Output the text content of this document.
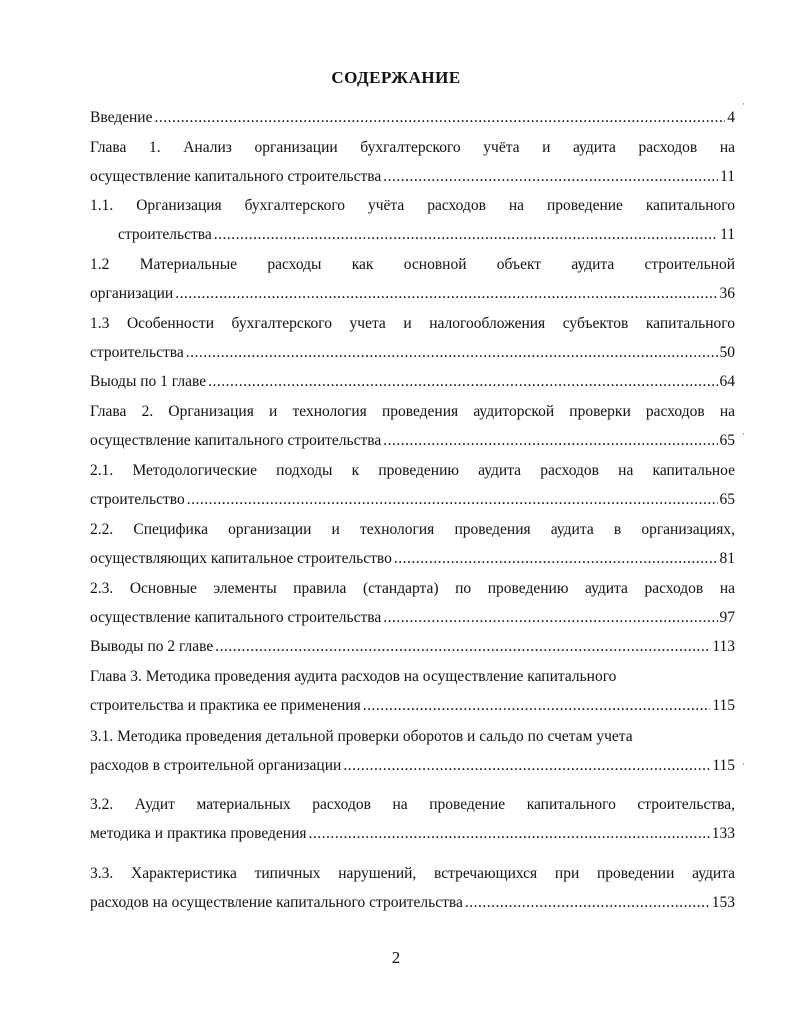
СОДЕРЖАНИЕ
Введение .....	4
Глава 1. Анализ организации бухгалтерского учёта и аудита расходов на
осуществление капитального строительства .....	11
1.1. Организация бухгалтерского учёта расходов на проведение капитального
строительства .....	11
1.2 Материальные расходы как основной объект аудита строительной
организации .....	36
1.3 Особенности бухгалтерского учета и налогообложения субъектов капитального
строительства .....	50
Выоды по 1 главе .....	64
Глава 2. Организация и технология проведения аудиторской проверки расходов на
осуществление капитального строительства .....	65
2.1. Методологические подходы к проведению аудита расходов на капитальное
строительство .....	65
2.2. Специфика организации и технология проведения аудита в организациях,
осуществляющих капитальное строительство .....	81
2.3. Основные элементы правила (стандарта) по проведению аудита расходов на
осуществление капитального строительства .....	97
Выводы по 2 главе .....	113
Глава 3. Методика проведения аудита расходов на осуществление капитального
строительства и практика ее применения .....	115
3.1. Методика проведения детальной проверки оборотов и сальдо по счетам учета
расходов в строительной организации .....	115
3.2. Аудит материальных расходов на проведение капитального строительства,
методика и практика проведения .....	133
3.3. Характеристика типичных нарушений, встречающихся при проведении аудита
расходов на осуществление капитального строительства .....	153
2
·
·
·
